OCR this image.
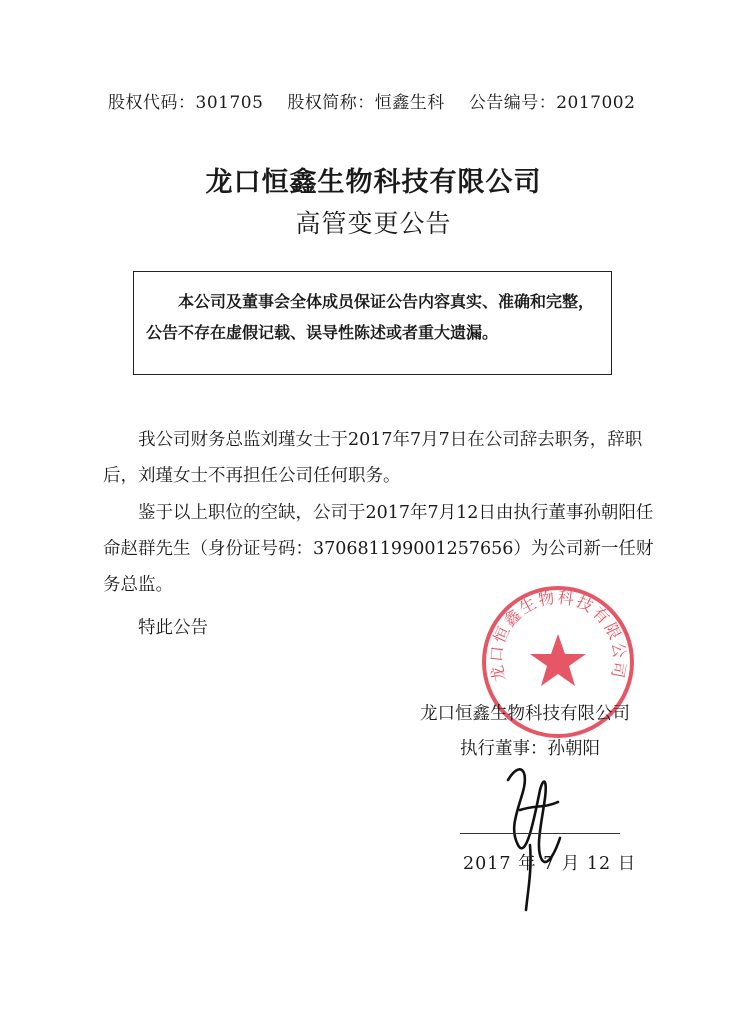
股权代码：301705 股权简称：恒鑫生科 公告编号：2017002
龙口恒鑫生物科技有限公司
高管变更公告
本公司及董事会全体成员保证公告内容真实、准确和完整，公告不存在虚假记载、误导性陈述或者重大遗漏。
我公司财务总监刘瑾女士于2017年7月7日在公司辞去职务，辞职后，刘瑾女士不再担任公司任何职务。
鉴于以上职位的空缺，公司于2017年7月12日由执行董事孙朝阳任命赵群先生（身份证号码：370681199001257656）为公司新一任财务总监。
特此公告
龙口恒鑫生物科技有限公司
龙口恒鑫生物科技有限公司
执行董事：孙朝阳
2017 年 7 月 12 日
